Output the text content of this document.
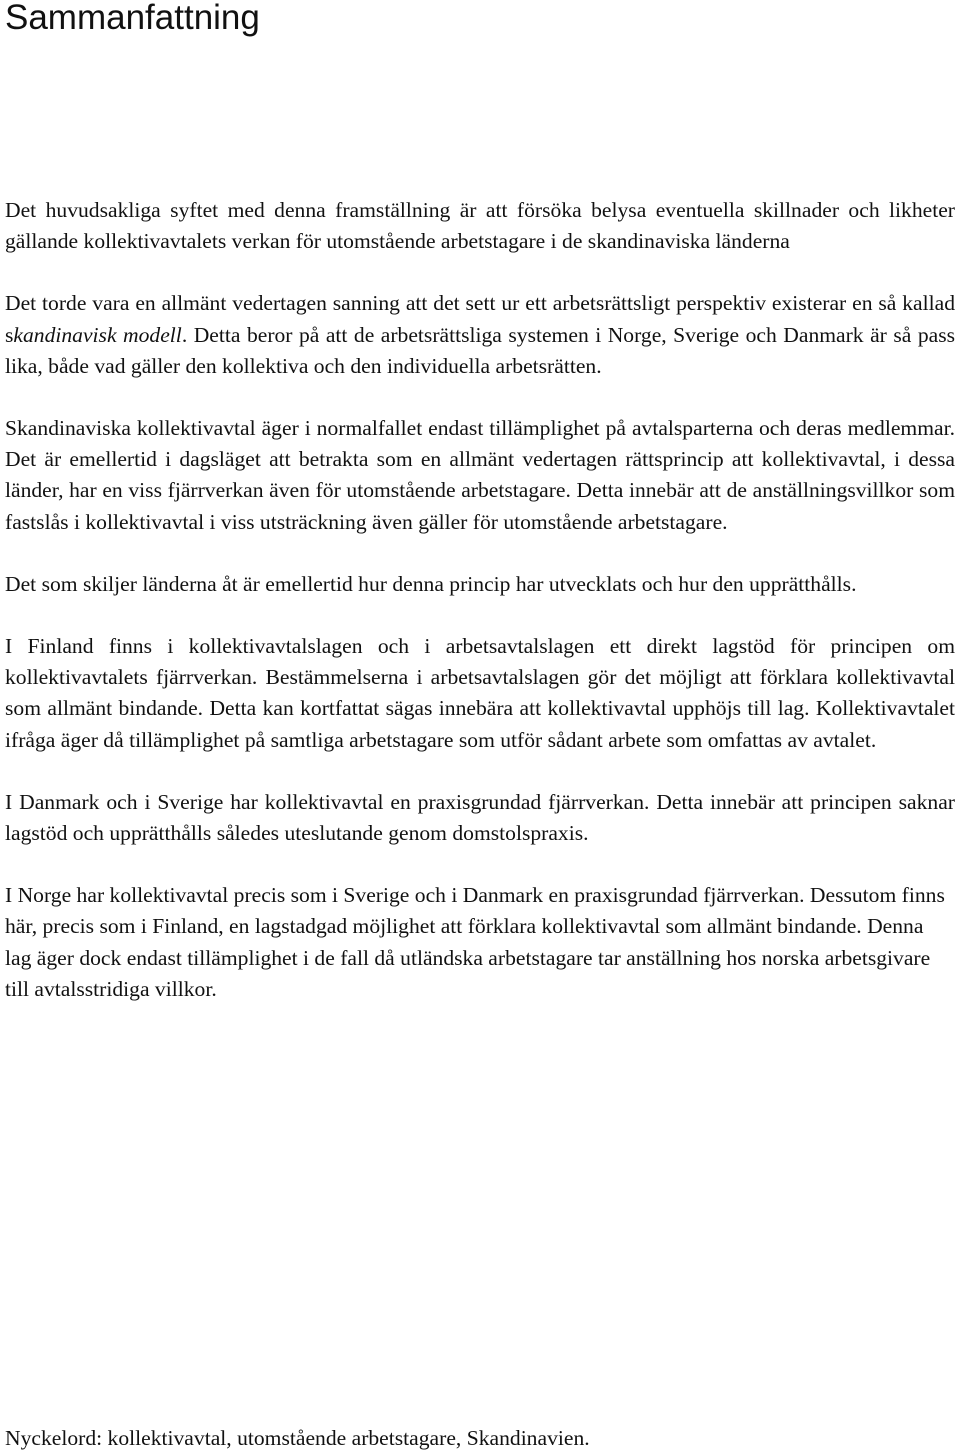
Sammanfattning

Det huvudsakliga syftet med denna framställning är att försöka belysa eventuella skillnader och likheter gällande kollektivavtalets verkan för utomstående arbetstagare i de skandinaviska länderna

Det torde vara en allmänt vedertagen sanning att det sett ur ett arbetsrättsligt perspektiv existerar en så kallad skandinavisk modell. Detta beror på att de arbetsrättsliga systemen i Norge, Sverige och Danmark är så pass lika, både vad gäller den kollektiva och den individuella arbetsrätten.

Skandinaviska kollektivavtal äger i normalfallet endast tillämplighet på avtalsparterna och deras medlemmar. Det är emellertid i dagsläget att betrakta som en allmänt vedertagen rättsprincip att kollektivavtal, i dessa länder, har en viss fjärrverkan även för utomstående arbetstagare. Detta innebär att de anställningsvillkor som fastslås i kollektivavtal i viss utsträckning även gäller för utomstående arbetstagare.

Det som skiljer länderna åt är emellertid hur denna princip har utvecklats och hur den upprätthålls.

I Finland finns i kollektivavtalslagen och i arbetsavtalslagen ett direkt lagstöd för principen om kollektivavtalets fjärrverkan. Bestämmelserna i arbetsavtalslagen gör det möjligt att förklara kollektivavtal som allmänt bindande. Detta kan kortfattat sägas innebära att kollektivavtal upphöjs till lag. Kollektivavtalet ifråga äger då tillämplighet på samtliga arbetstagare som utför sådant arbete som omfattas av avtalet.

I Danmark och i Sverige har kollektivavtal en praxisgrundad fjärrverkan. Detta innebär att principen saknar lagstöd och upprätthålls således uteslutande genom domstolspraxis.

I Norge har kollektivavtal precis som i Sverige och i Danmark en praxisgrundad fjärrverkan. Dessutom finns här, precis som i Finland, en lagstadgad möjlighet att förklara kollektivavtal som allmänt bindande. Denna lag äger dock endast tillämplighet i de fall då utländska arbetstagare tar anställning hos norska arbetsgivare till avtalsstridiga villkor.

Nyckelord: kollektivavtal, utomstående arbetstagare, Skandinavien.
